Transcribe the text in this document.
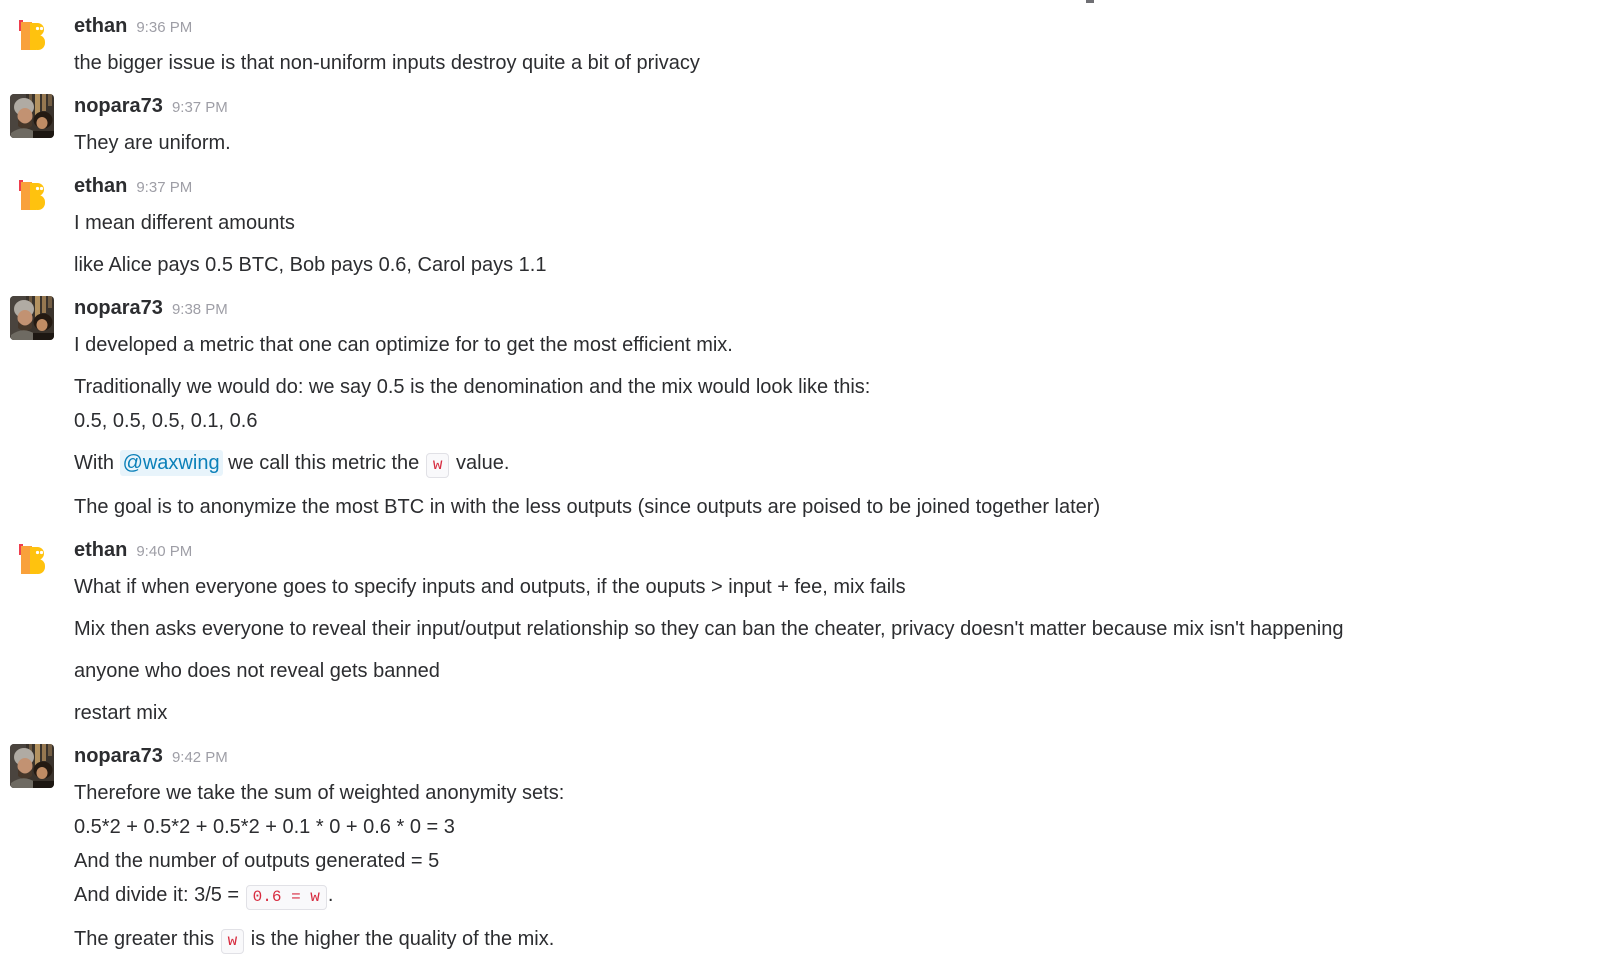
ethan 9:36 PM
the bigger issue is that non-uniform inputs destroy quite a bit of privacy
nopara73 9:37 PM
They are uniform.
ethan 9:37 PM
I mean different amounts
like Alice pays 0.5 BTC, Bob pays 0.6, Carol pays 1.1
nopara73 9:38 PM
I developed a metric that one can optimize for to get the most efficient mix.
Traditionally we would do: we say 0.5 is the denomination and the mix would look like this:
0.5, 0.5, 0.5, 0.1, 0.6
With @waxwing we call this metric the w value.
The goal is to anonymize the most BTC in with the less outputs (since outputs are poised to be joined together later)
ethan 9:40 PM
What if when everyone goes to specify inputs and outputs, if the ouputs > input + fee, mix fails
Mix then asks everyone to reveal their input/output relationship so they can ban the cheater, privacy doesn't matter because mix isn't happening
anyone who does not reveal gets banned
restart mix
nopara73 9:42 PM
Therefore we take the sum of weighted anonymity sets:
0.5*2 + 0.5*2 + 0.5*2 + 0.1 * 0 + 0.6 * 0 = 3
And the number of outputs generated = 5
And divide it: 3/5 = 0.6 = w .
The greater this w is the higher the quality of the mix.
